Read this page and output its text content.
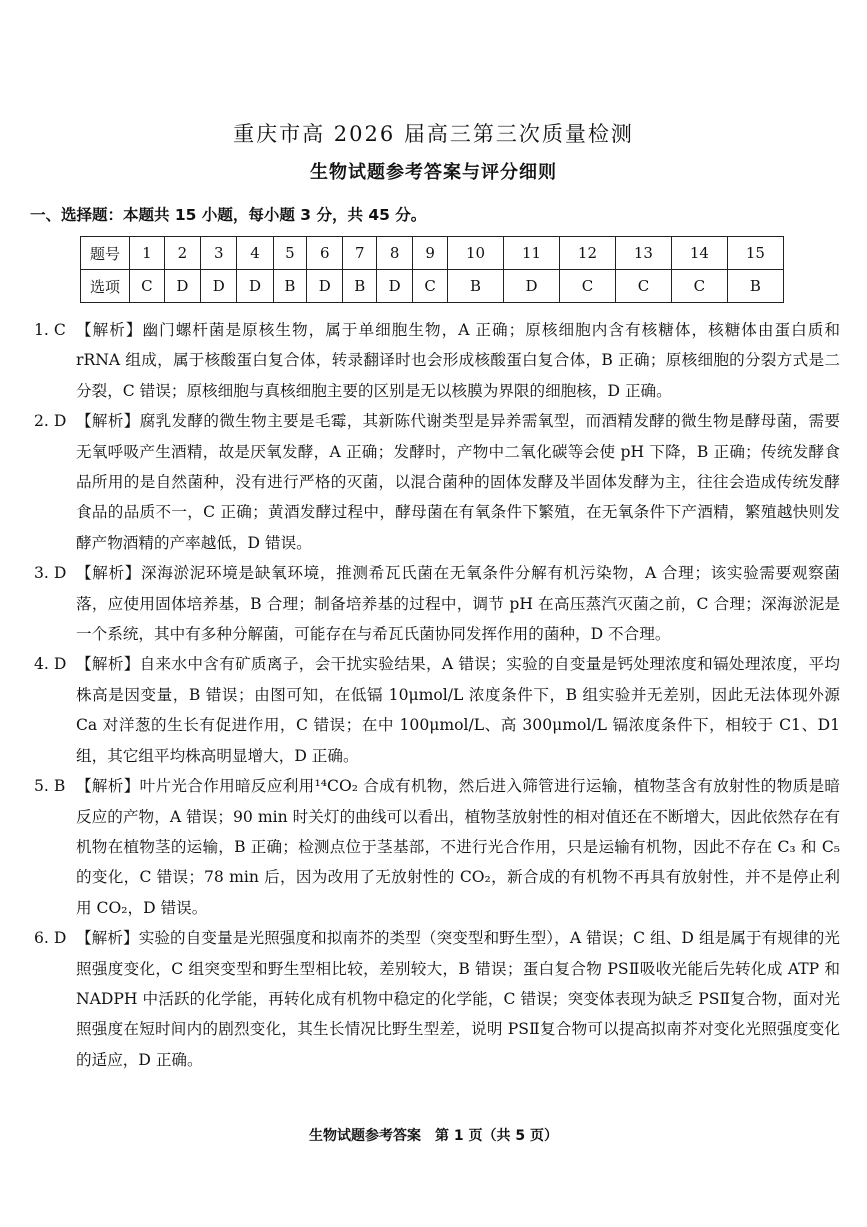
重庆市高 2026 届高三第三次质量检测
生物试题参考答案与评分细则
一、选择题：本题共 15 小题，每小题 3 分，共 45 分。
题号	1	2	3	4	5	6	7	8	9	10	11	12	13	14	15
选项	C	D	D	D	B	D	B	D	C	B	D	C	C	C	B
1. C 【解析】幽门螺杆菌是原核生物，属于单细胞生物，A 正确；原核细胞内含有核糖体，核糖体由蛋白质和 rRNA 组成，属于核酸蛋白复合体，转录翻译时也会形成核酸蛋白复合体，B 正确；原核细胞的分裂方式是二分裂，C 错误；原核细胞与真核细胞主要的区别是无以核膜为界限的细胞核，D 正确。
2. D 【解析】腐乳发酵的微生物主要是毛霉，其新陈代谢类型是异养需氧型，而酒精发酵的微生物是酵母菌，需要无氧呼吸产生酒精，故是厌氧发酵，A 正确；发酵时，产物中二氧化碳等会使 pH 下降，B 正确；传统发酵食品所用的是自然菌种，没有进行严格的灭菌，以混合菌种的固体发酵及半固体发酵为主，往往会造成传统发酵食品的品质不一，C 正确；黄酒发酵过程中，酵母菌在有氧条件下繁殖，在无氧条件下产酒精，繁殖越快则发酵产物酒精的产率越低，D 错误。
3. D 【解析】深海淤泥环境是缺氧环境，推测希瓦氏菌在无氧条件分解有机污染物，A 合理；该实验需要观察菌落，应使用固体培养基，B 合理；制备培养基的过程中，调节 pH 在高压蒸汽灭菌之前，C 合理；深海淤泥是一个系统，其中有多种分解菌，可能存在与希瓦氏菌协同发挥作用的菌种，D 不合理。
4. D 【解析】自来水中含有矿质离子，会干扰实验结果，A 错误；实验的自变量是钙处理浓度和镉处理浓度，平均株高是因变量，B 错误；由图可知，在低镉 10μmol/L 浓度条件下，B 组实验并无差别，因此无法体现外源 Ca 对洋葱的生长有促进作用，C 错误；在中 100μmol/L、高 300μmol/L 镉浓度条件下，相较于 C1、D1 组，其它组平均株高明显增大，D 正确。
5. B 【解析】叶片光合作用暗反应利用¹⁴CO₂ 合成有机物，然后进入筛管进行运输，植物茎含有放射性的物质是暗反应的产物，A 错误；90 min 时关灯的曲线可以看出，植物茎放射性的相对值还在不断增大，因此依然存在有机物在植物茎的运输，B 正确；检测点位于茎基部，不进行光合作用，只是运输有机物，因此不存在 C₃ 和 C₅ 的变化，C 错误；78 min 后，因为改用了无放射性的 CO₂，新合成的有机物不再具有放射性，并不是停止利用 CO₂，D 错误。
6. D 【解析】实验的自变量是光照强度和拟南芥的类型（突变型和野生型），A 错误；C 组、D 组是属于有规律的光照强度变化，C 组突变型和野生型相比较，差别较大，B 错误；蛋白复合物 PSⅡ吸收光能后先转化成 ATP 和 NADPH 中活跃的化学能，再转化成有机物中稳定的化学能，C 错误；突变体表现为缺乏 PSⅡ复合物，面对光照强度在短时间内的剧烈变化，其生长情况比野生型差，说明 PSⅡ复合物可以提高拟南芥对变化光照强度变化的适应，D 正确。
生物试题参考答案　第 1 页（共 5 页）
